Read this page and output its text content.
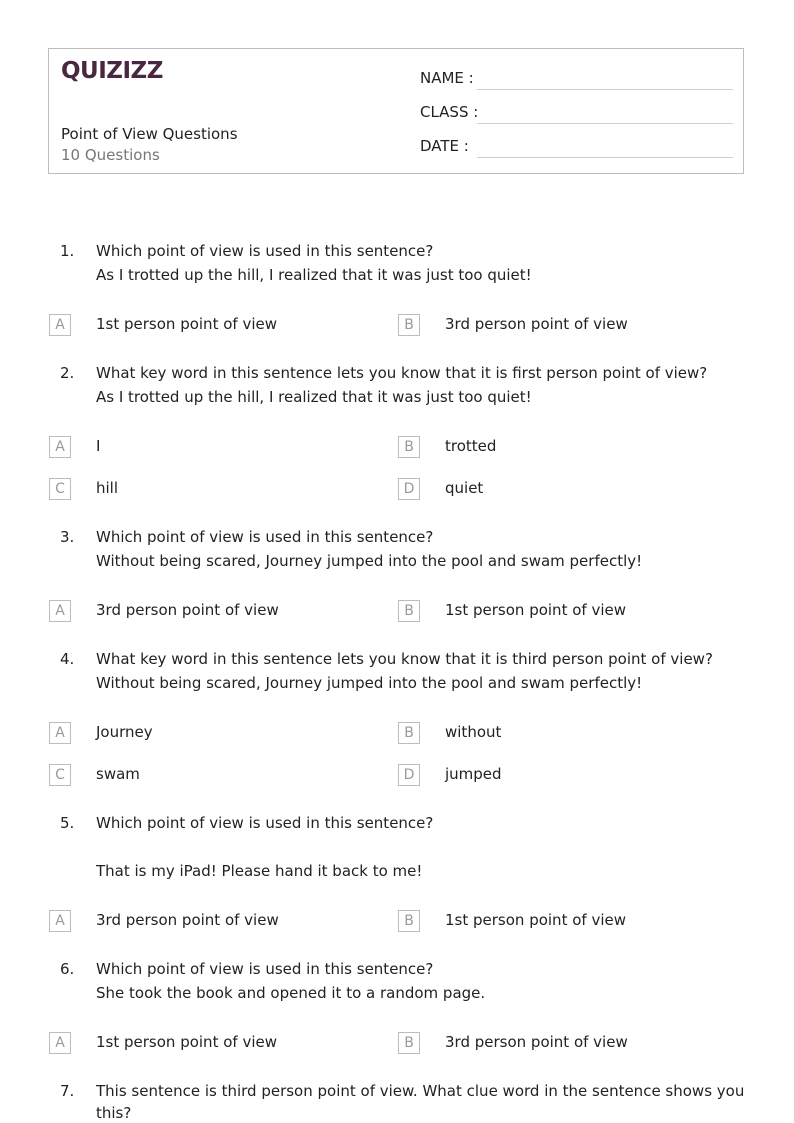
QUIZIZZ
Point of View Questions
10 Questions
NAME :
CLASS :
DATE :
1.	Which point of view is used in this sentence?
As I trotted up the hill, I realized that it was just too quiet!
A	1st person point of view	B	3rd person point of view
2.	What key word in this sentence lets you know that it is first person point of view?
As I trotted up the hill, I realized that it was just too quiet!
A	I	B	trotted
C	hill	D	quiet
3.	Which point of view is used in this sentence?
Without being scared, Journey jumped into the pool and swam perfectly!
A	3rd person point of view	B	1st person point of view
4.	What key word in this sentence lets you know that it is third person point of view?
Without being scared, Journey jumped into the pool and swam perfectly!
A	Journey	B	without
C	swam	D	jumped
5.	Which point of view is used in this sentence?
That is my iPad! Please hand it back to me!
A	3rd person point of view	B	1st person point of view
6.	Which point of view is used in this sentence?
She took the book and opened it to a random page.
A	1st person point of view	B	3rd person point of view
7.	This sentence is third person point of view. What clue word in the sentence shows you
this?
